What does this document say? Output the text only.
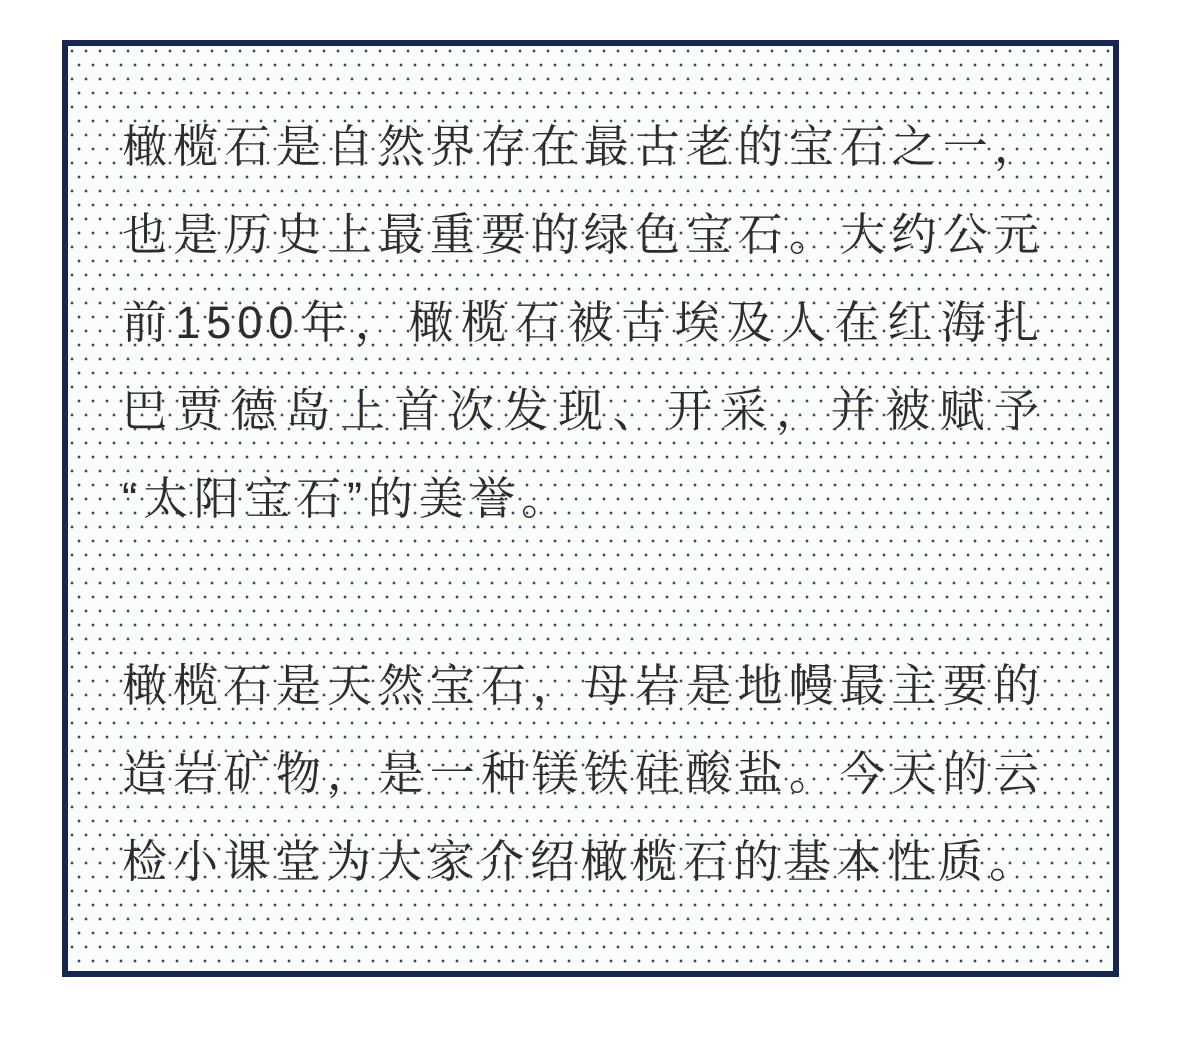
橄榄石是自然界存在最古老的宝石之一，
也是历史上最重要的绿色宝石。大约公元
前1500年，橄榄石被古埃及人在红海扎
巴贾德岛上首次发现、开采，并被赋予
“太阳宝石”的美誉。
橄榄石是天然宝石，母岩是地幔最主要的
造岩矿物，是一种镁铁硅酸盐。今天的云
检小课堂为大家介绍橄榄石的基本性质。
